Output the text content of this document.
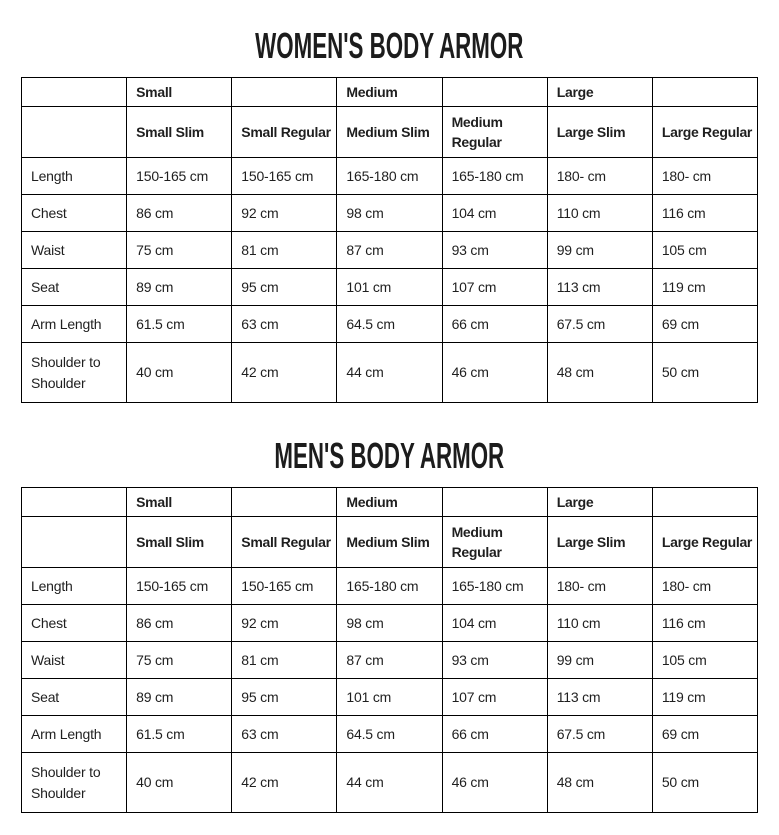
WOMEN'S BODY ARMOR
	Small		Medium		Large	
	Small Slim	Small Regular	Medium Slim	Medium Regular	Large Slim	Large Regular
Length	150-165 cm	150-165 cm	165-180 cm	165-180 cm	180- cm	180- cm
Chest	86 cm	92 cm	98 cm	104 cm	110 cm	116 cm
Waist	75 cm	81 cm	87 cm	93 cm	99 cm	105 cm
Seat	89 cm	95 cm	101 cm	107 cm	113 cm	119 cm
Arm Length	61.5 cm	63 cm	64.5 cm	66 cm	67.5 cm	69 cm
Shoulder to Shoulder	40 cm	42 cm	44 cm	46 cm	48 cm	50 cm
MEN'S BODY ARMOR
	Small		Medium		Large	
	Small Slim	Small Regular	Medium Slim	Medium Regular	Large Slim	Large Regular
Length	150-165 cm	150-165 cm	165-180 cm	165-180 cm	180- cm	180- cm
Chest	86 cm	92 cm	98 cm	104 cm	110 cm	116 cm
Waist	75 cm	81 cm	87 cm	93 cm	99 cm	105 cm
Seat	89 cm	95 cm	101 cm	107 cm	113 cm	119 cm
Arm Length	61.5 cm	63 cm	64.5 cm	66 cm	67.5 cm	69 cm
Shoulder to Shoulder	40 cm	42 cm	44 cm	46 cm	48 cm	50 cm
